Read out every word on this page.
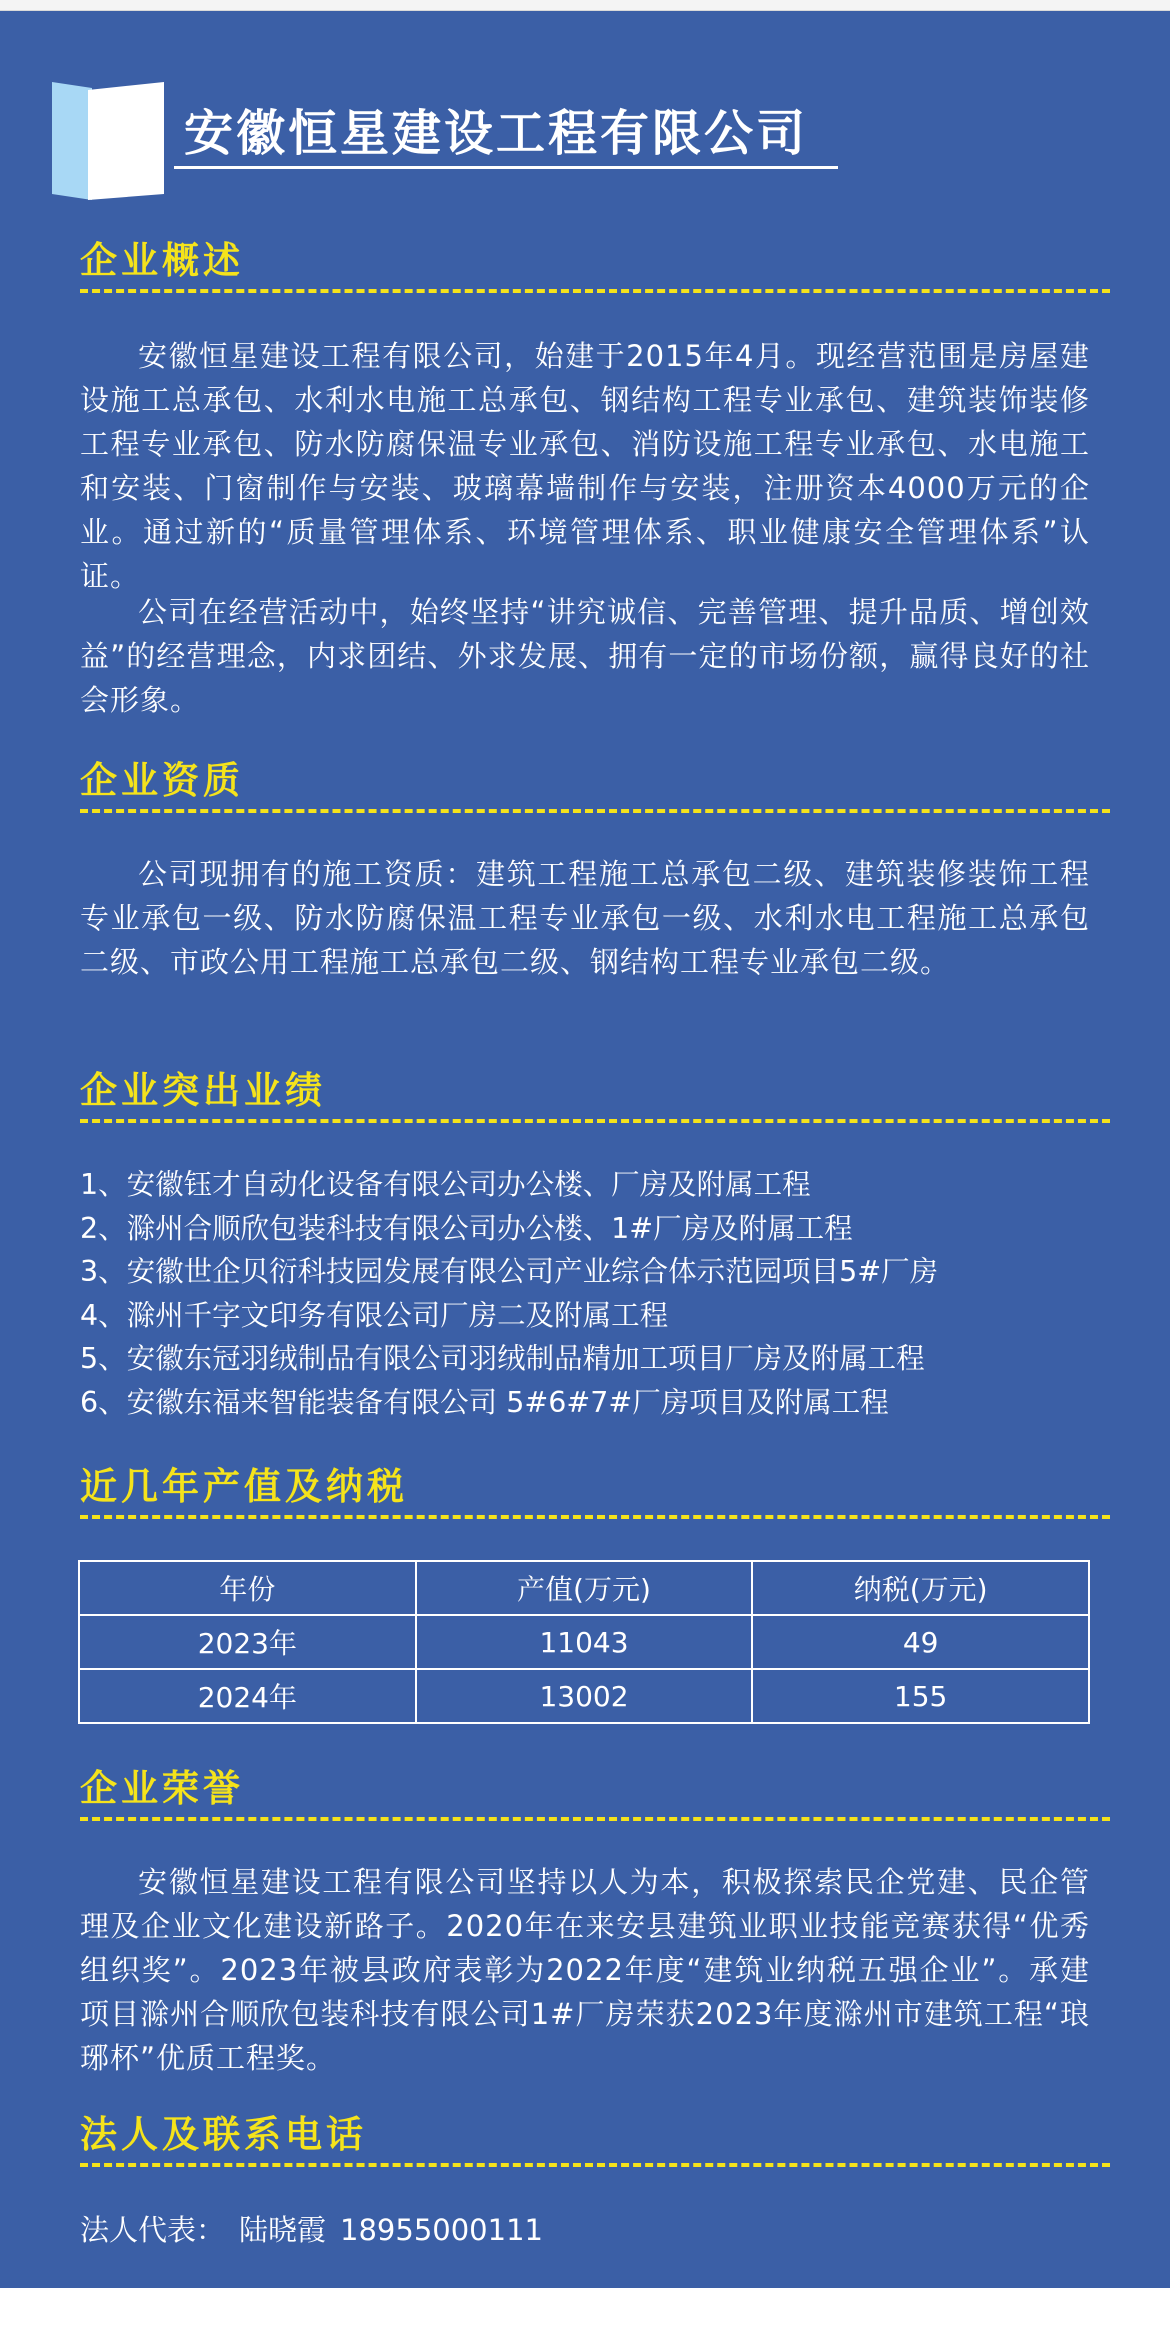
安徽恒星建设工程有限公司
企业概述
安徽恒星建设工程有限公司，始建于2015年4月。现经营范围是房屋建设施工总承包、水利水电施工总承包、钢结构工程专业承包、建筑装饰装修工程专业承包、防水防腐保温专业承包、消防设施工程专业承包、水电施工和安装、门窗制作与安装、玻璃幕墙制作与安装，注册资本4000万元的企业。通过新的“质量管理体系、环境管理体系、职业健康安全管理体系”认证。
公司在经营活动中，始终坚持“讲究诚信、完善管理、提升品质、增创效益”的经营理念，内求团结、外求发展、拥有一定的市场份额，赢得良好的社会形象。
企业资质
公司现拥有的施工资质：建筑工程施工总承包二级、建筑装修装饰工程专业承包一级、防水防腐保温工程专业承包一级、水利水电工程施工总承包二级、市政公用工程施工总承包二级、钢结构工程专业承包二级。
企业突出业绩
1、安徽钰才自动化设备有限公司办公楼、厂房及附属工程
2、滁州合顺欣包装科技有限公司办公楼、1#厂房及附属工程
3、安徽世企贝衍科技园发展有限公司产业综合体示范园项目5#厂房
4、滁州千字文印务有限公司厂房二及附属工程
5、安徽东冠羽绒制品有限公司羽绒制品精加工项目厂房及附属工程
6、安徽东福来智能装备有限公司 5#6#7#厂房项目及附属工程
近几年产值及纳税
年份	产值(万元)	纳税(万元)
2023年	11043	49
2024年	13002	155
企业荣誉
安徽恒星建设工程有限公司坚持以人为本，积极探索民企党建、民企管理及企业文化建设新路子。2020年在来安县建筑业职业技能竞赛获得“优秀组织奖”。2023年被县政府表彰为2022年度“建筑业纳税五强企业”。承建项目滁州合顺欣包装科技有限公司1#厂房荣获2023年度滁州市建筑工程“琅琊杯”优质工程奖。
法人及联系电话
法人代表： 陆晓霞 18955000111
